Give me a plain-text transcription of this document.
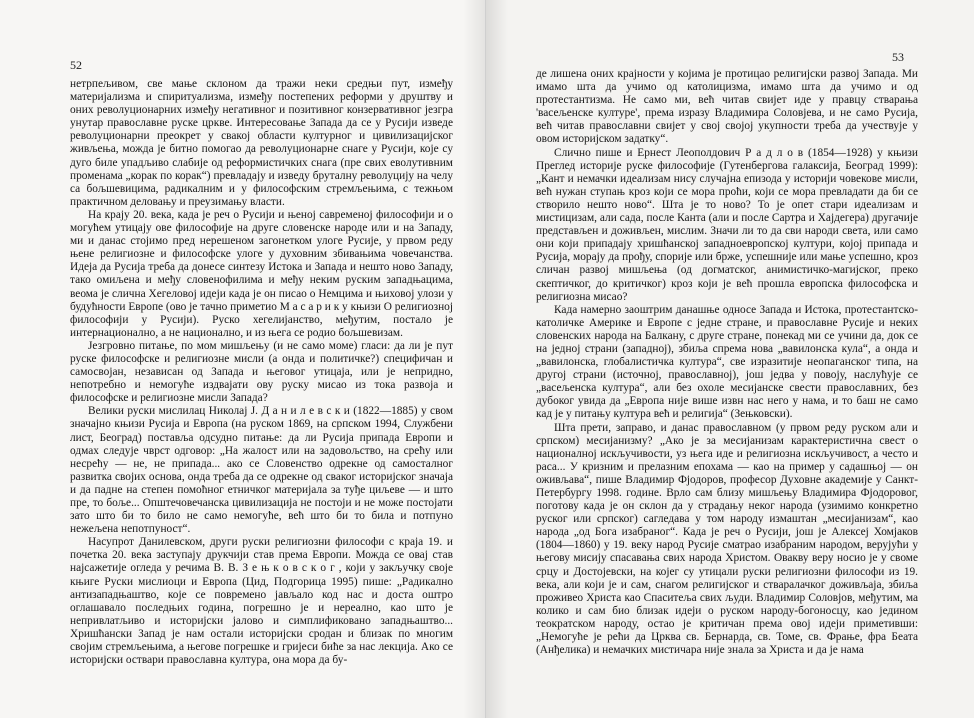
52

нетрпељивом, све мање склоном да тражи неки средњи пут, између материјализма и спиритуализма, између постепених реформи у друштву и оних револуционарних између негативног и позитивног конзервативног језгра унутар православне руске цркве. Интересовање Запада да се у Русији изведе револуционарни преокрет у свакој области културног и цивилизацијског живљења, можда је битно помогао да револуционарне снаге у Русији, које су дуго биле упадљиво слабије од реформистичких снага (пре свих еволутивним променама „корак по корак“) превладају и изведу бруталну револуцију на челу са бољшевицима, радикалним и у философским стремљењима, с тежњом практичном деловању и преузимању власти.

На крају 20. века, када је реч о Русији и њеној савременој философији и о могућем утицају ове философије на друге словенске народе или и на Западу, ми и данас стојимо пред нерешеном загонетком улоге Русије, у првом реду њене религиозне и философске улоге у духовним збивањима човечанства. Идеја да Русија треба да донесе синтезу Истока и Запада и нешто ново Западу, тако омиљена и међу словенофилима и међу неким руским западњацима, веома је слична Хегеловој идеји када је он писао о Немцима и њиховој улози у будућности Европе (ово је тачно приметио М а с а р и к у књизи О религиозној философији у Русији). Руско хегелијанство, међутим, постало је интернационално, а не национално, и из њега се родио бољшевизам.

Језгровно питање, по мом мишљењу (и не само моме) гласи: да ли је пут руске философске и религиозне мисли (а онда и политичке?) специфичан и самосвојан, независан од Запада и његовог утицаја, или је непридно, непотребно и немогуће издвајати ову руску мисао из тока развоја и философске и религиозне мисли Запада?

Велики руски мислилац Николај Ј. Д а н и л е в с к и (1822—1885) у свом значајно књизи Русија и Европа (на руском 1869, на српском 1994, Службени лист, Београд) поставља одсудно питање: да ли Русија припада Европи и одмах следује чврст одговор: „На жалост или на задовољство, на срећу или несрећу — не, не припада... ако се Словенство одрекне од самосталног развитка својих основа, онда треба да се одрекне од сваког историјског значаја и да падне на степен помоћног етничког материјала за туђе циљеве — и што пре, то боље... Општечовечанска цивилизација не постоји и не може постојати зато што би то било не само немогуће, већ што би то била и потпуно нежељена непотпуност“.

Насупрот Данилевском, други руски религиозни философи с краја 19. и почетка 20. века заступају друкчији став према Европи. Можда се овај став најсажетије огледа у речима В. В. З е њ к о в с к о г , који у закључку своје књиге Руски мислиоци и Европа (Цид, Подгорица 1995) пише: „Радикално антизападњаштво, које се повремено јављало код нас и доста оштро оглашавало последњих година, погрешно је и нереално, као што је непривлатљиво и историјски јалово и симплификовано западњаштво... Хришћански Запад је нам остали историјски сродан и близак по многим својим стремљењима, а његове погрешке и гријеси биће за нас лекција. Ако се историјски оствари православна култура, она мора да бу-

53

де лишена оних крајности у којима је протицао религијски развој Запада. Ми имамо шта да учимо од католицизма, имамо шта да учимо и од протестантизма. Не само ми, већ читав свијет иде у правцу стварања 'васељенске културе', према изразу Владимира Соловјева, и не само Русија, већ читав православни свијет у свој својој укупности треба да учествује у овом историјском задатку“.

Слично пише и Ернест Леополдович Р а д л о в (1854—1928) у књизи Преглед историје руске философије (Гутенбергова галаксија, Београд 1999): „Кант и немачки идеализам нису случајна епизода у историји човекове мисли, већ нужан ступањ кроз који се мора проћи, који се мора превладати да би се створило нешто ново“. Шта је то ново? То је опет стари идеализам и мистицизам, али сада, после Канта (али и после Сартра и Хајдегера) другачије представљен и доживљен, мислим. Значи ли то да сви народи света, или само они који припадају хришћанској западноевропској култури, којој припада и Русија, морају да прођу, спорије или брже, успешније или мање успешно, кроз сличан развој мишљења (од догматског, анимистичко-магијског, преко скептичког, до критичког) кроз који је већ прошла европска философска и религиозна мисао?

Када намерно заоштрим данашње односе Запада и Истока, протестантско-католичке Америке и Европе с једне стране, и православне Русије и неких словенских народа на Балкану, с друге стране, понекад ми се учини да, док се на једној страни (западној), збиља спрема нова „вавилонска кула“, а онда и „вавилонска, глобалистичка култура“, све изразитије неопаганског типа, на другој страни (источној, православној), још једва у повоју, наслућује се „васељенска култура“, али без охоле месијанске свести православних, без дубоког увида да „Европа није више извн нас него у нама, и то баш не само кад је у питању култура већ и религија“ (Зењковски).

Шта прети, заправо, и данас православном (у првом реду руском али и српском) месијанизму? „Ако је за месијанизам карактеристична свест о националној искључивости, уз њега иде и религиозна искључивост, а често и раса... У кризним и прелазним епохама — као на пример у садашњој — он оживљава“, пише Владимир Фјодоров, професор Духовне академије у Санкт-Петербургу 1998. године. Врло сам близу мишљењу Владимира Фјодоровог, поготову када је он склон да у страдању неког народа (узимимо конкретно руског или српског) сагледава у том народу измаштан „месијанизам“, као народа „од Бога изабраног“. Када је реч о Русији, још је Алексеј Хомјаков (1804—1860) у 19. веку народ Русије сматрао изабраним народом, верујући у његову мисију спасавања свих народа Христом. Овакву веру носио је у своме срцу и Достојевски, на којег су утицали руски религиозни философи из 19. века, али који је и сам, снагом религијског и стваралачког доживљаја, збиља проживео Христа као Спаситеља свих људи. Владимир Соловјов, међутим, ма колико и сам био близак идеји о руском народу-богоносцу, као једином теократском народу, остао је критичан према овој идеји приметивши: „Немогуће је рећи да Црква св. Бернарда, св. Томе, св. Фрање, фра Беата (Анђелика) и немачких мистичара није знала за Христа и да је нама
